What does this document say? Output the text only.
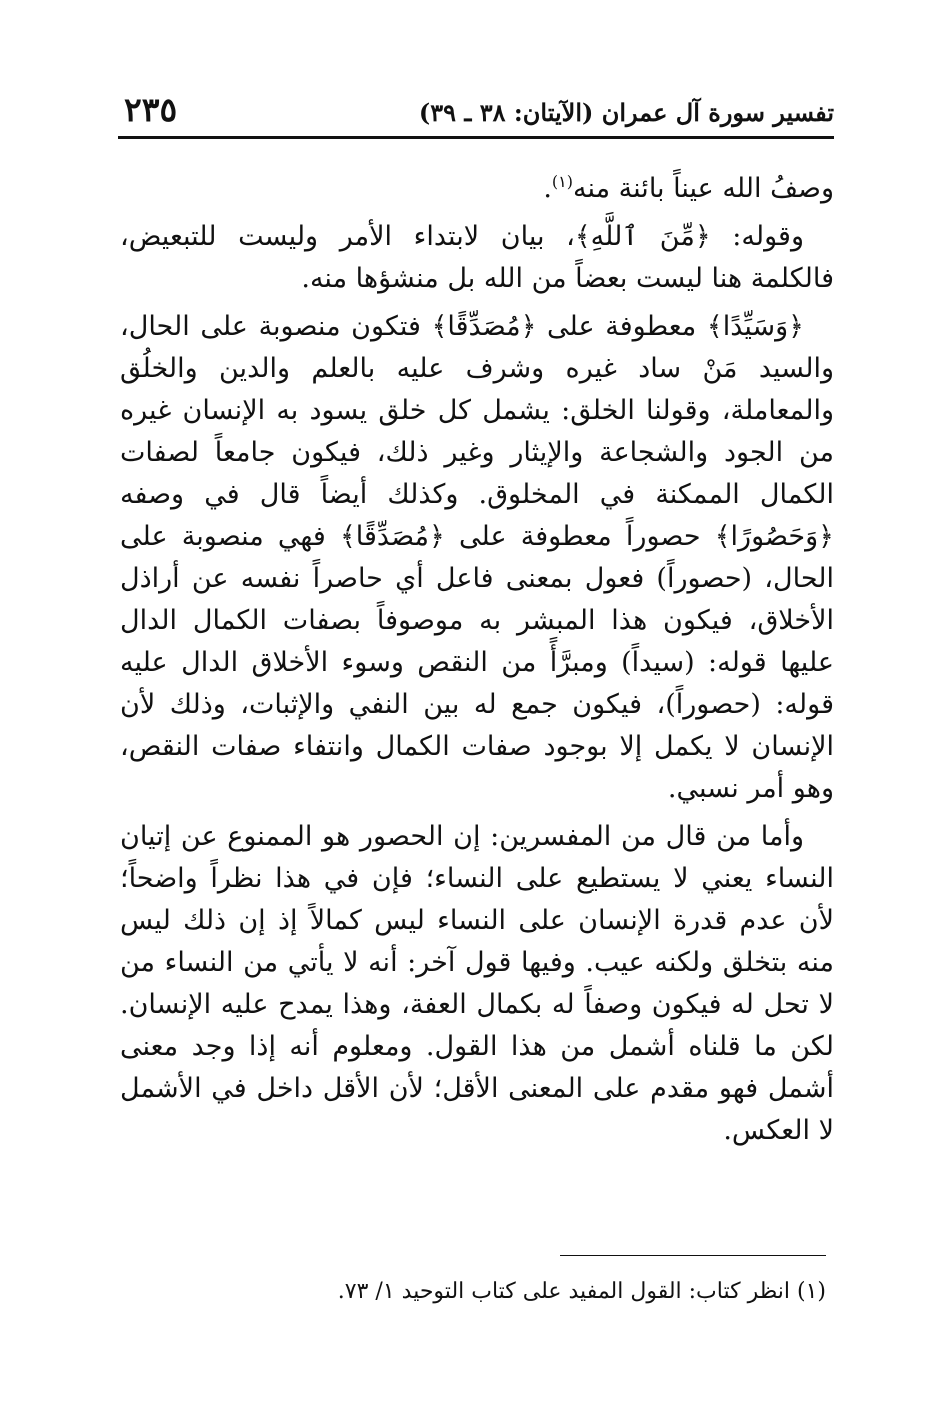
تفسير سورة آل عمران (الآيتان: ٣٨ ـ ٣٩)
٢٣٥

وصفُ الله عيناً بائنة منه$^{(١)}$.

وقوله: ﴿مِّنَ ٱللَّهِ﴾، بيان لابتداء الأمر وليست للتبعيض، فالكلمة هنا ليست بعضاً من الله بل منشؤها منه.

﴿وَسَيِّدًا﴾ معطوفة على ﴿مُصَدِّقًا﴾ فتكون منصوبة على الحال، والسيد مَنْ ساد غيره وشرف عليه بالعلم والدين والخلُق والمعاملة، وقولنا الخلق: يشمل كل خلق يسود به الإنسان غيره من الجود والشجاعة والإيثار وغير ذلك، فيكون جامعاً لصفات الكمال الممكنة في المخلوق. وكذلك أيضاً قال في وصفه ﴿وَحَصُورًا﴾ حصوراً معطوفة على ﴿مُصَدِّقًا﴾ فهي منصوبة على الحال، (حصوراً) فعول بمعنى فاعل أي حاصراً نفسه عن أراذل الأخلاق، فيكون هذا المبشر به موصوفاً بصفات الكمال الدال عليها قوله: (سيداً) ومبرَّأً من النقص وسوء الأخلاق الدال عليه قوله: (حصوراً)، فيكون جمع له بين النفي والإثبات، وذلك لأن الإنسان لا يكمل إلا بوجود صفات الكمال وانتفاء صفات النقص، وهو أمر نسبي.

وأما من قال من المفسرين: إن الحصور هو الممنوع عن إتيان النساء يعني لا يستطيع على النساء؛ فإن في هذا نظراً واضحاً؛ لأن عدم قدرة الإنسان على النساء ليس كمالاً إذ إن ذلك ليس منه بتخلق ولكنه عيب. وفيها قول آخر: أنه لا يأتي من النساء من لا تحل له فيكون وصفاً له بكمال العفة، وهذا يمدح عليه الإنسان. لكن ما قلناه أشمل من هذا القول. ومعلوم أنه إذا وجد معنى أشمل فهو مقدم على المعنى الأقل؛ لأن الأقل داخل في الأشمل لا العكس.

(١) انظر كتاب: القول المفيد على كتاب التوحيد ١/ ٧٣.
